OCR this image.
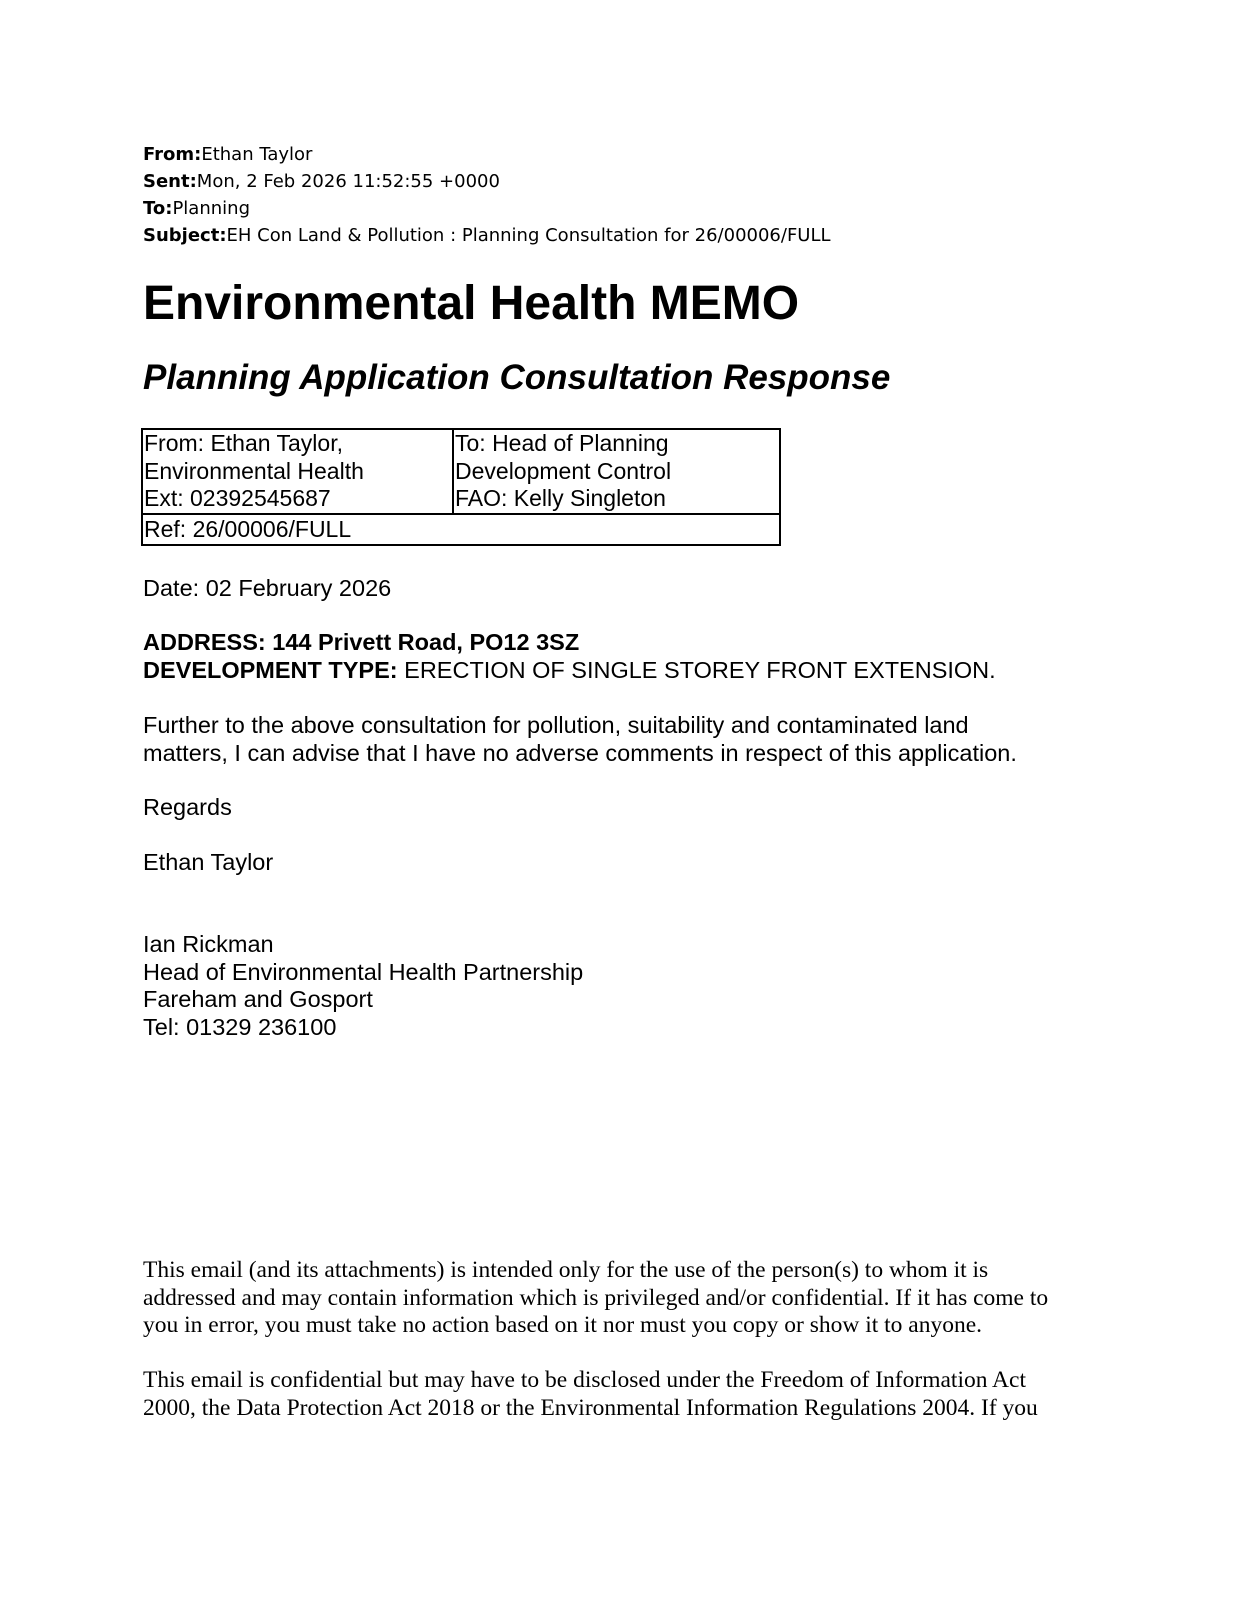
From:Ethan Taylor
Sent:Mon, 2 Feb 2026 11:52:55 +0000
To:Planning
Subject:EH Con Land & Pollution : Planning Consultation for 26/00006/FULL
Environmental Health MEMO
Planning Application Consultation Response
From: Ethan Taylor,
Environmental Health
Ext: 02392545687

To: Head of Planning
Development Control
FAO: Kelly Singleton

Ref: 26/00006/FULL
Date: 02 February 2026
ADDRESS: 144 Privett Road, PO12 3SZ
DEVELOPMENT TYPE: ERECTION OF SINGLE STOREY FRONT EXTENSION.
Further to the above consultation for pollution, suitability and contaminated land
matters, I can advise that I have no adverse comments in respect of this application.
Regards
Ethan Taylor
Ian Rickman
Head of Environmental Health Partnership
Fareham and Gosport
Tel: 01329 236100
This email (and its attachments) is intended only for the use of the person(s) to whom it is
addressed and may contain information which is privileged and/or confidential. If it has come to
you in error, you must take no action based on it nor must you copy or show it to anyone.
This email is confidential but may have to be disclosed under the Freedom of Information Act
2000, the Data Protection Act 2018 or the Environmental Information Regulations 2004. If you
